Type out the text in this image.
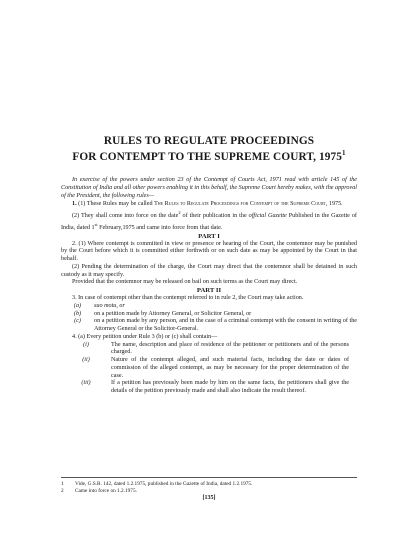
RULES TO REGULATE PROCEEDINGS
FOR CONTEMPT TO THE SUPREME COURT, 1975$^1$

In exercise of the powers under section 23 of the Contempt of Courts Act, 1971 read with article 145 of the Constitution of India and all other powers enabling it in this behalf, the Supreme Court hereby makes, with the approval of the President, the following rules—

1. (1) These Rules may be called The Rules to Regulate Proceedings for Contempt of the Supreme Court, 1975.

(2) They shall come into force on the date$^2$ of their publication in the official Gazette Published in the Gazette of India, dated 1st February,1975 and came into force from that date.

PART I

2. (1) Where contempt is committed in view or presence or hearing of the Court, the contemnor may be punished by the Court before which it is committed either forthwith or on such date as may be appointed by the Court in that behalf.

(2) Pending the determination of the charge, the Court may direct that the contemnor shall be detained in such custody as it may specify.

Provided that the contemnor may be released on bail on such terms as the Court may direct.

PART II

3. In case of contempt other than the contempt referred to in rule 2, the Court may take action.

(a)	suo motu, or
(b)	on a petition made by Attorney General, or Solicitor General, or
(c)	on a petition made by any person, and in the case of a criminal contempt with the consent in writing of the Attorney General or the Solicitor-General.

4. (a) Every petition under Rule 3 (b) or (c) shall contain—

(i)	The name, description and place of residence of the petitioner or petitioners and of the persons charged.
(ii)	Nature of the contempt alleged, and such material facts, including the date or dates of commission of the alleged contempt, as may be necessary for the proper determination of the case.
(iii)	If a petition has previously been made by him on the same facts, the petitioners shall give the details of the petition previously made and shall also indicate the result thereof.
1	Vide, G.S.R. 142, dated 1.2.1975, published in the Gazette of India, dated 1.2.1975.
2	Came into force on 1.2.1975.
[135]
